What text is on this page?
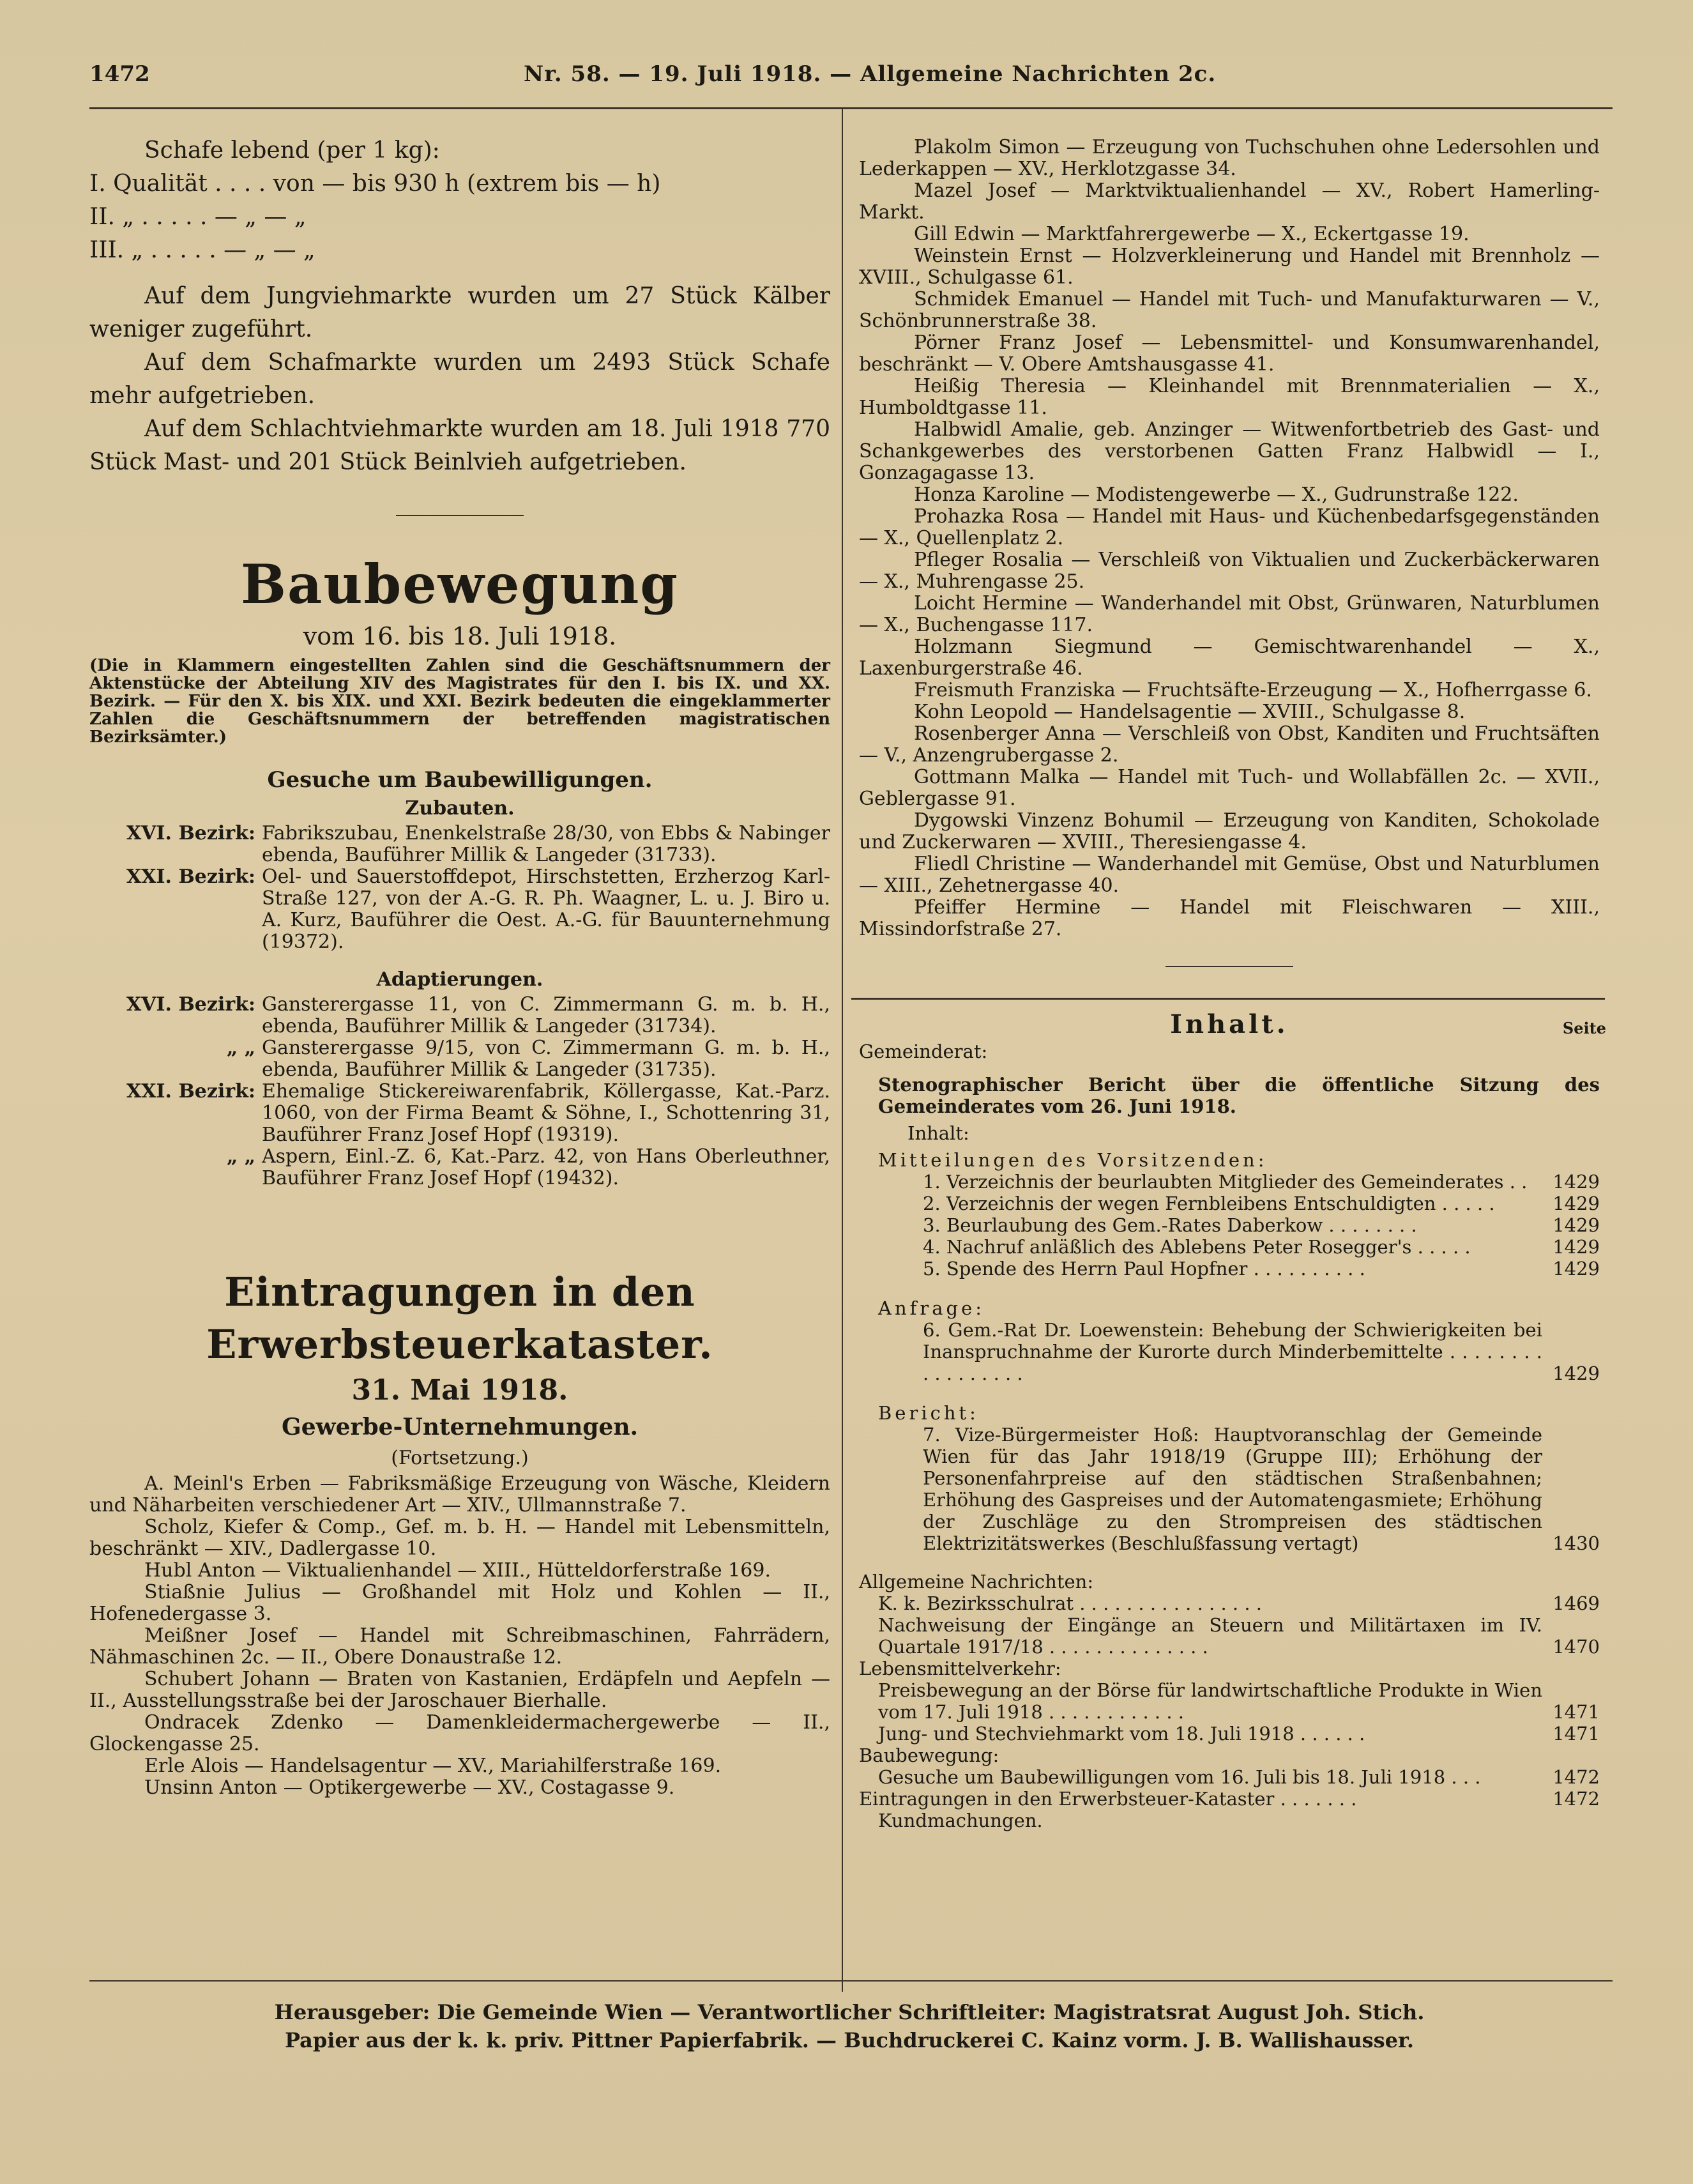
1472	Nr. 58. — 19. Juli 1918. — Allgemeine Nachrichten 2c.
Schafe lebend (per 1 kg):
I. Qualität . . . . von — bis 930 h (extrem bis — h)
II. „ . . . . . — „ — „
III. „ . . . . . — „ — „

Auf dem Jungviehmarkte wurden um 27 Stück Kälber weniger zugeführt.

Auf dem Schafmarkte wurden um 2493 Stück Schafe mehr aufgetrieben.

Auf dem Schlachtviehmarkte wurden am 18. Juli 1918 770 Stück Mast- und 201 Stück Beinlvieh aufgetrieben.

Baubewegung
vom 16. bis 18. Juli 1918.
(Die in Klammern eingestellten Zahlen sind die Geschäftsnummern der Aktenstücke der Abteilung XIV des Magistrates für den I. bis IX. und XX. Bezirk. — Für den X. bis XIX. und XXI. Bezirk bedeuten die eingeklammerter Zahlen die Geschäftsnummern der betreffenden magistratischen Bezirksämter.)
Gesuche um Baubewilligungen.
Zubauten.
XVI. Bezirk: Fabrikszubau, Enenkelstraße 28/30, von Ebbs & Nabinger ebenda, Bauführer Millik & Langeder (31733).
XXI. Bezirk: Oel- und Sauerstoffdepot, Hirschstetten, Erzherzog Karl-Straße 127, von der A.-G. R. Ph. Waagner, L. u. J. Biro u. A. Kurz, Bauführer die Oest. A.-G. für Bauunternehmung (19372).
Adaptierungen.
XVI. Bezirk: Gansterergasse 11, von C. Zimmermann G. m. b. H., ebenda, Bauführer Millik & Langeder (31734).
„ „ Gansterergasse 9/15, von C. Zimmermann G. m. b. H., ebenda, Bauführer Millik & Langeder (31735).
XXI. Bezirk: Ehemalige Stickereiwarenfabrik, Köllergasse, Kat.-Parz. 1060, von der Firma Beamt & Söhne, I., Schottenring 31, Bauführer Franz Josef Hopf (19319).
„ „ Aspern, Einl.-Z. 6, Kat.-Parz. 42, von Hans Oberleuthner, Bauführer Franz Josef Hopf (19432).
Eintragungen in den Erwerbsteuerkataster.
31. Mai 1918.
Gewerbe-Unternehmungen.
(Fortsetzung.)

A. Meinl's Erben — Fabriksmäßige Erzeugung von Wäsche, Kleidern und Näharbeiten verschiedener Art — XIV., Ullmannstraße 7.

Scholz, Kiefer & Comp., Gef. m. b. H. — Handel mit Lebensmitteln, beschränkt — XIV., Dadlergasse 10.

Hubl Anton — Viktualienhandel — XIII., Hütteldorferstraße 169.

Stiaßnie Julius — Großhandel mit Holz und Kohlen — II., Hofenedergasse 3.

Meißner Josef — Handel mit Schreibmaschinen, Fahrrädern, Nähmaschinen 2c. — II., Obere Donaustraße 12.

Schubert Johann — Braten von Kastanien, Erdäpfeln und Aepfeln — II., Ausstellungsstraße bei der Jaroschauer Bierhalle.

Ondracek Zdenko — Damenkleidermachergewerbe — II., Glockengasse 25.

Erle Alois — Handelsagentur — XV., Mariahilferstraße 169.

Unsinn Anton — Optikergewerbe — XV., Costagasse 9.

Plakolm Simon — Erzeugung von Tuchschuhen ohne Ledersohlen und Lederkappen — XV., Herklotzgasse 34.

Mazel Josef — Marktviktualienhandel — XV., Robert Hamerling-Markt.

Gill Edwin — Marktfahrergewerbe — X., Eckertgasse 19.

Weinstein Ernst — Holzverkleinerung und Handel mit Brennholz — XVIII., Schulgasse 61.

Schmidek Emanuel — Handel mit Tuch- und Manufakturwaren — V., Schönbrunnerstraße 38.

Pörner Franz Josef — Lebensmittel- und Konsumwarenhandel, beschränkt — V. Obere Amtshausgasse 41.

Heißig Theresia — Kleinhandel mit Brennmaterialien — X., Humboldtgasse 11.

Halbwidl Amalie, geb. Anzinger — Witwenfortbetrieb des Gast- und Schankgewerbes des verstorbenen Gatten Franz Halbwidl — I., Gonzagagasse 13.

Honza Karoline — Modistengewerbe — X., Gudrunstraße 122.

Prohazka Rosa — Handel mit Haus- und Küchenbedarfsgegenständen — X., Quellenplatz 2.

Pfleger Rosalia — Verschleiß von Viktualien und Zuckerbäckerwaren — X., Muhrengasse 25.

Loicht Hermine — Wanderhandel mit Obst, Grünwaren, Naturblumen — X., Buchengasse 117.

Holzmann Siegmund — Gemischtwarenhandel — X., Laxenburgerstraße 46.

Freismuth Franziska — Fruchtsäfte-Erzeugung — X., Hofherrgasse 6.

Kohn Leopold — Handelsagentie — XVIII., Schulgasse 8.

Rosenberger Anna — Verschleiß von Obst, Kanditen und Fruchtsäften — V., Anzengrubergasse 2.

Gottmann Malka — Handel mit Tuch- und Wollabfällen 2c. — XVII., Geblergasse 91.

Dygowski Vinzenz Bohumil — Erzeugung von Kanditen, Schokolade und Zuckerwaren — XVIII., Theresiengasse 4.

Fliedl Christine — Wanderhandel mit Gemüse, Obst und Naturblumen — XIII., Zehetnergasse 40.

Pfeiffer Hermine — Handel mit Fleischwaren — XIII., Missindorfstraße 27.

Inhalt.	Seite
Gemeinderat:
Stenographischer Bericht über die öffentliche Sitzung des Gemeinderates vom 26. Juni 1918.
Inhalt:
Mitteilungen des Vorsitzenden:
1. Verzeichnis der beurlaubten Mitglieder des Gemeinderates . .	1429
2. Verzeichnis der wegen Fernbleibens Entschuldigten . . . . .	1429
3. Beurlaubung des Gem.-Rates Daberkow . . . . . . . .	1429
4. Nachruf anläßlich des Ablebens Peter Rosegger's . . . . .	1429
5. Spende des Herrn Paul Hopfner . . . . . . . . . .	1429
Anfrage:
6. Gem.-Rat Dr. Loewenstein: Behebung der Schwierigkeiten bei Inanspruchnahme der Kurorte durch Minderbemittelte . . . . . . . . . . . . . . . . .	1429
Bericht:
7. Vize-Bürgermeister Hoß: Hauptvoranschlag der Gemeinde Wien für das Jahr 1918/19 (Gruppe III); Erhöhung der Personenfahrpreise auf den städtischen Straßenbahnen; Erhöhung des Gaspreises und der Automatengasmiete; Erhöhung der Zuschläge zu den Strompreisen des städtischen Elektrizitätswerkes (Beschlußfassung vertagt)	1430
Allgemeine Nachrichten:
K. k. Bezirksschulrat . . . . . . . . . . . . . . . .	1469
Nachweisung der Eingänge an Steuern und Militärtaxen im IV. Quartale 1917/18 . . . . . . . . . . . . . .	1470
Lebensmittelverkehr:
Preisbewegung an der Börse für landwirtschaftliche Produkte in Wien vom 17. Juli 1918 . . . . . . . . . . . .	1471
Jung- und Stechviehmarkt vom 18. Juli 1918 . . . . . .	1471
Baubewegung:
Gesuche um Baubewilligungen vom 16. Juli bis 18. Juli 1918 . . .	1472
Eintragungen in den Erwerbsteuer-Kataster . . . . . . .	1472
Kundmachungen.
Herausgeber: Die Gemeinde Wien — Verantwortlicher Schriftleiter: Magistratsrat August Joh. Stich.
Papier aus der k. k. priv. Pittner Papierfabrik. — Buchdruckerei C. Kainz vorm. J. B. Wallishausser.
